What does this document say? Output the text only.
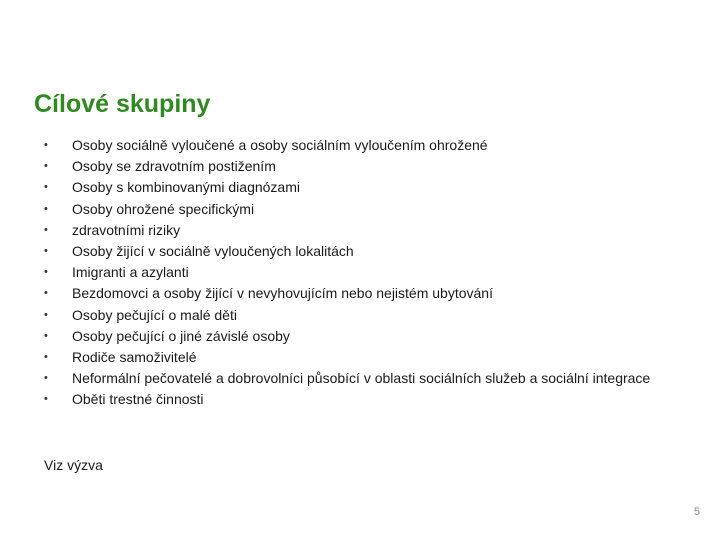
Cílové skupiny
• Osoby sociálně vyloučené a osoby sociálním vyloučením ohrožené
• Osoby se zdravotním postižením
• Osoby s kombinovanými diagnózami
• Osoby ohrožené specifickými
• zdravotními riziky
• Osoby žijící v sociálně vyloučených lokalitách
• Imigranti a azylanti
• Bezdomovci a osoby žijící v nevyhovujícím nebo nejistém ubytování
• Osoby pečující o malé děti
• Osoby pečující o jiné závislé osoby
• Rodiče samoživitelé
• Neformální pečovatelé a dobrovolníci působící v oblasti sociálních služeb a sociální integrace
• Oběti trestné činnosti

Viz výzva

5
